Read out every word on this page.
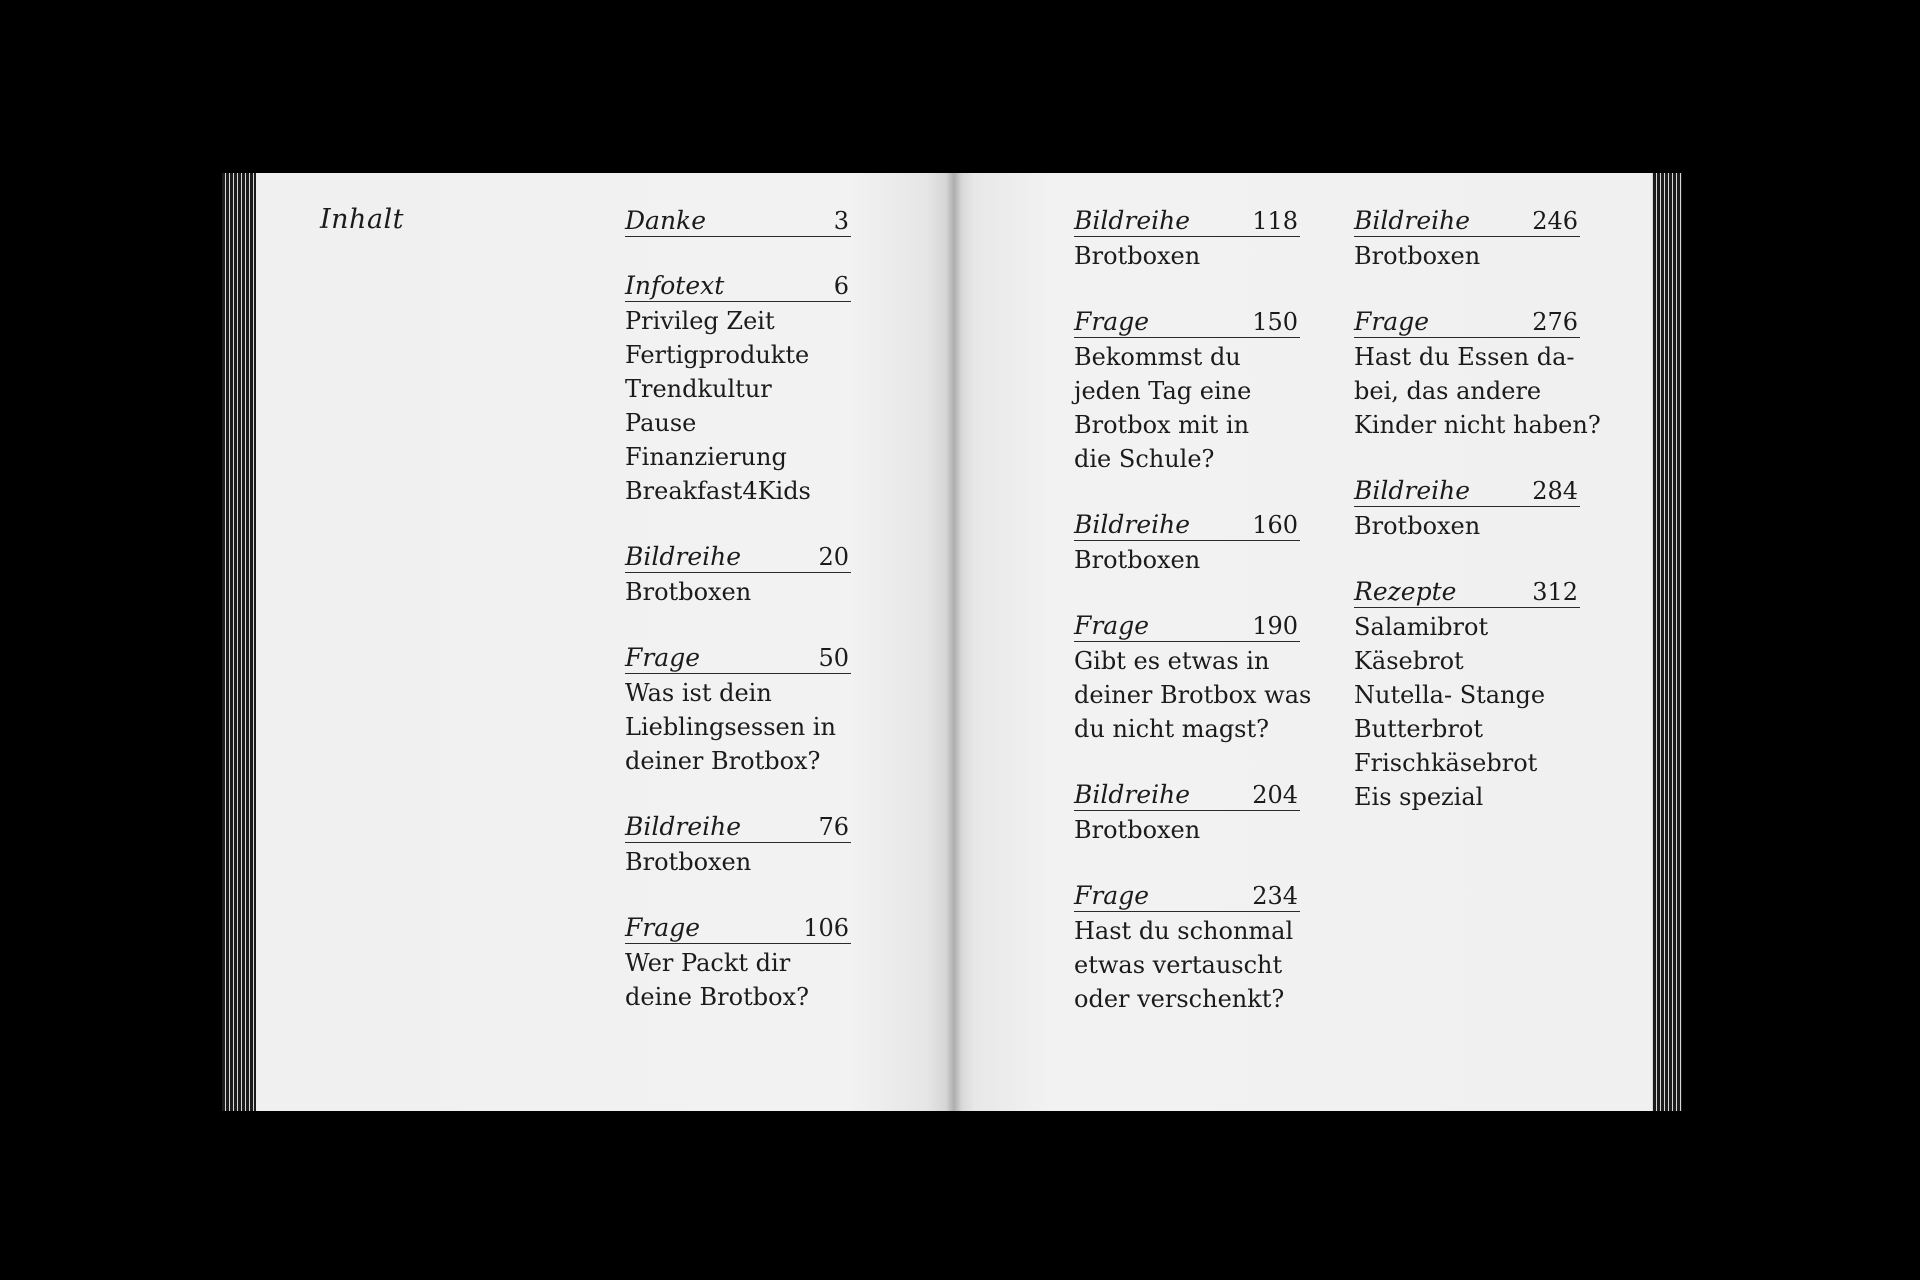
Inhalt	Danke	3
Infotext	6
Privileg Zeit
Fertigprodukte
Trendkultur
Pause
Finanzierung
Breakfast4Kids
Bildreihe	20
Brotboxen
Frage	50
Was ist dein
Lieblingsessen in
deiner Brotbox?
Bildreihe	76
Brotboxen
Frage	106
Wer Packt dir
deine Brotbox?
Bildreihe	118
Brotboxen
Frage	150
Bekommst du
jeden Tag eine
Brotbox mit in
die Schule?
Bildreihe	160
Brotboxen
Frage	190
Gibt es etwas in
deiner Brotbox was
du nicht magst?
Bildreihe	204
Brotboxen
Frage	234
Hast du schonmal
etwas vertauscht
oder verschenkt?
Bildreihe	246
Brotboxen
Frage	276
Hast du Essen da-
bei, das andere
Kinder nicht haben?
Bildreihe	284
Brotboxen
Rezepte	312
Salamibrot
Käsebrot
Nutella- Stange
Butterbrot
Frischkäsebrot
Eis spezial
